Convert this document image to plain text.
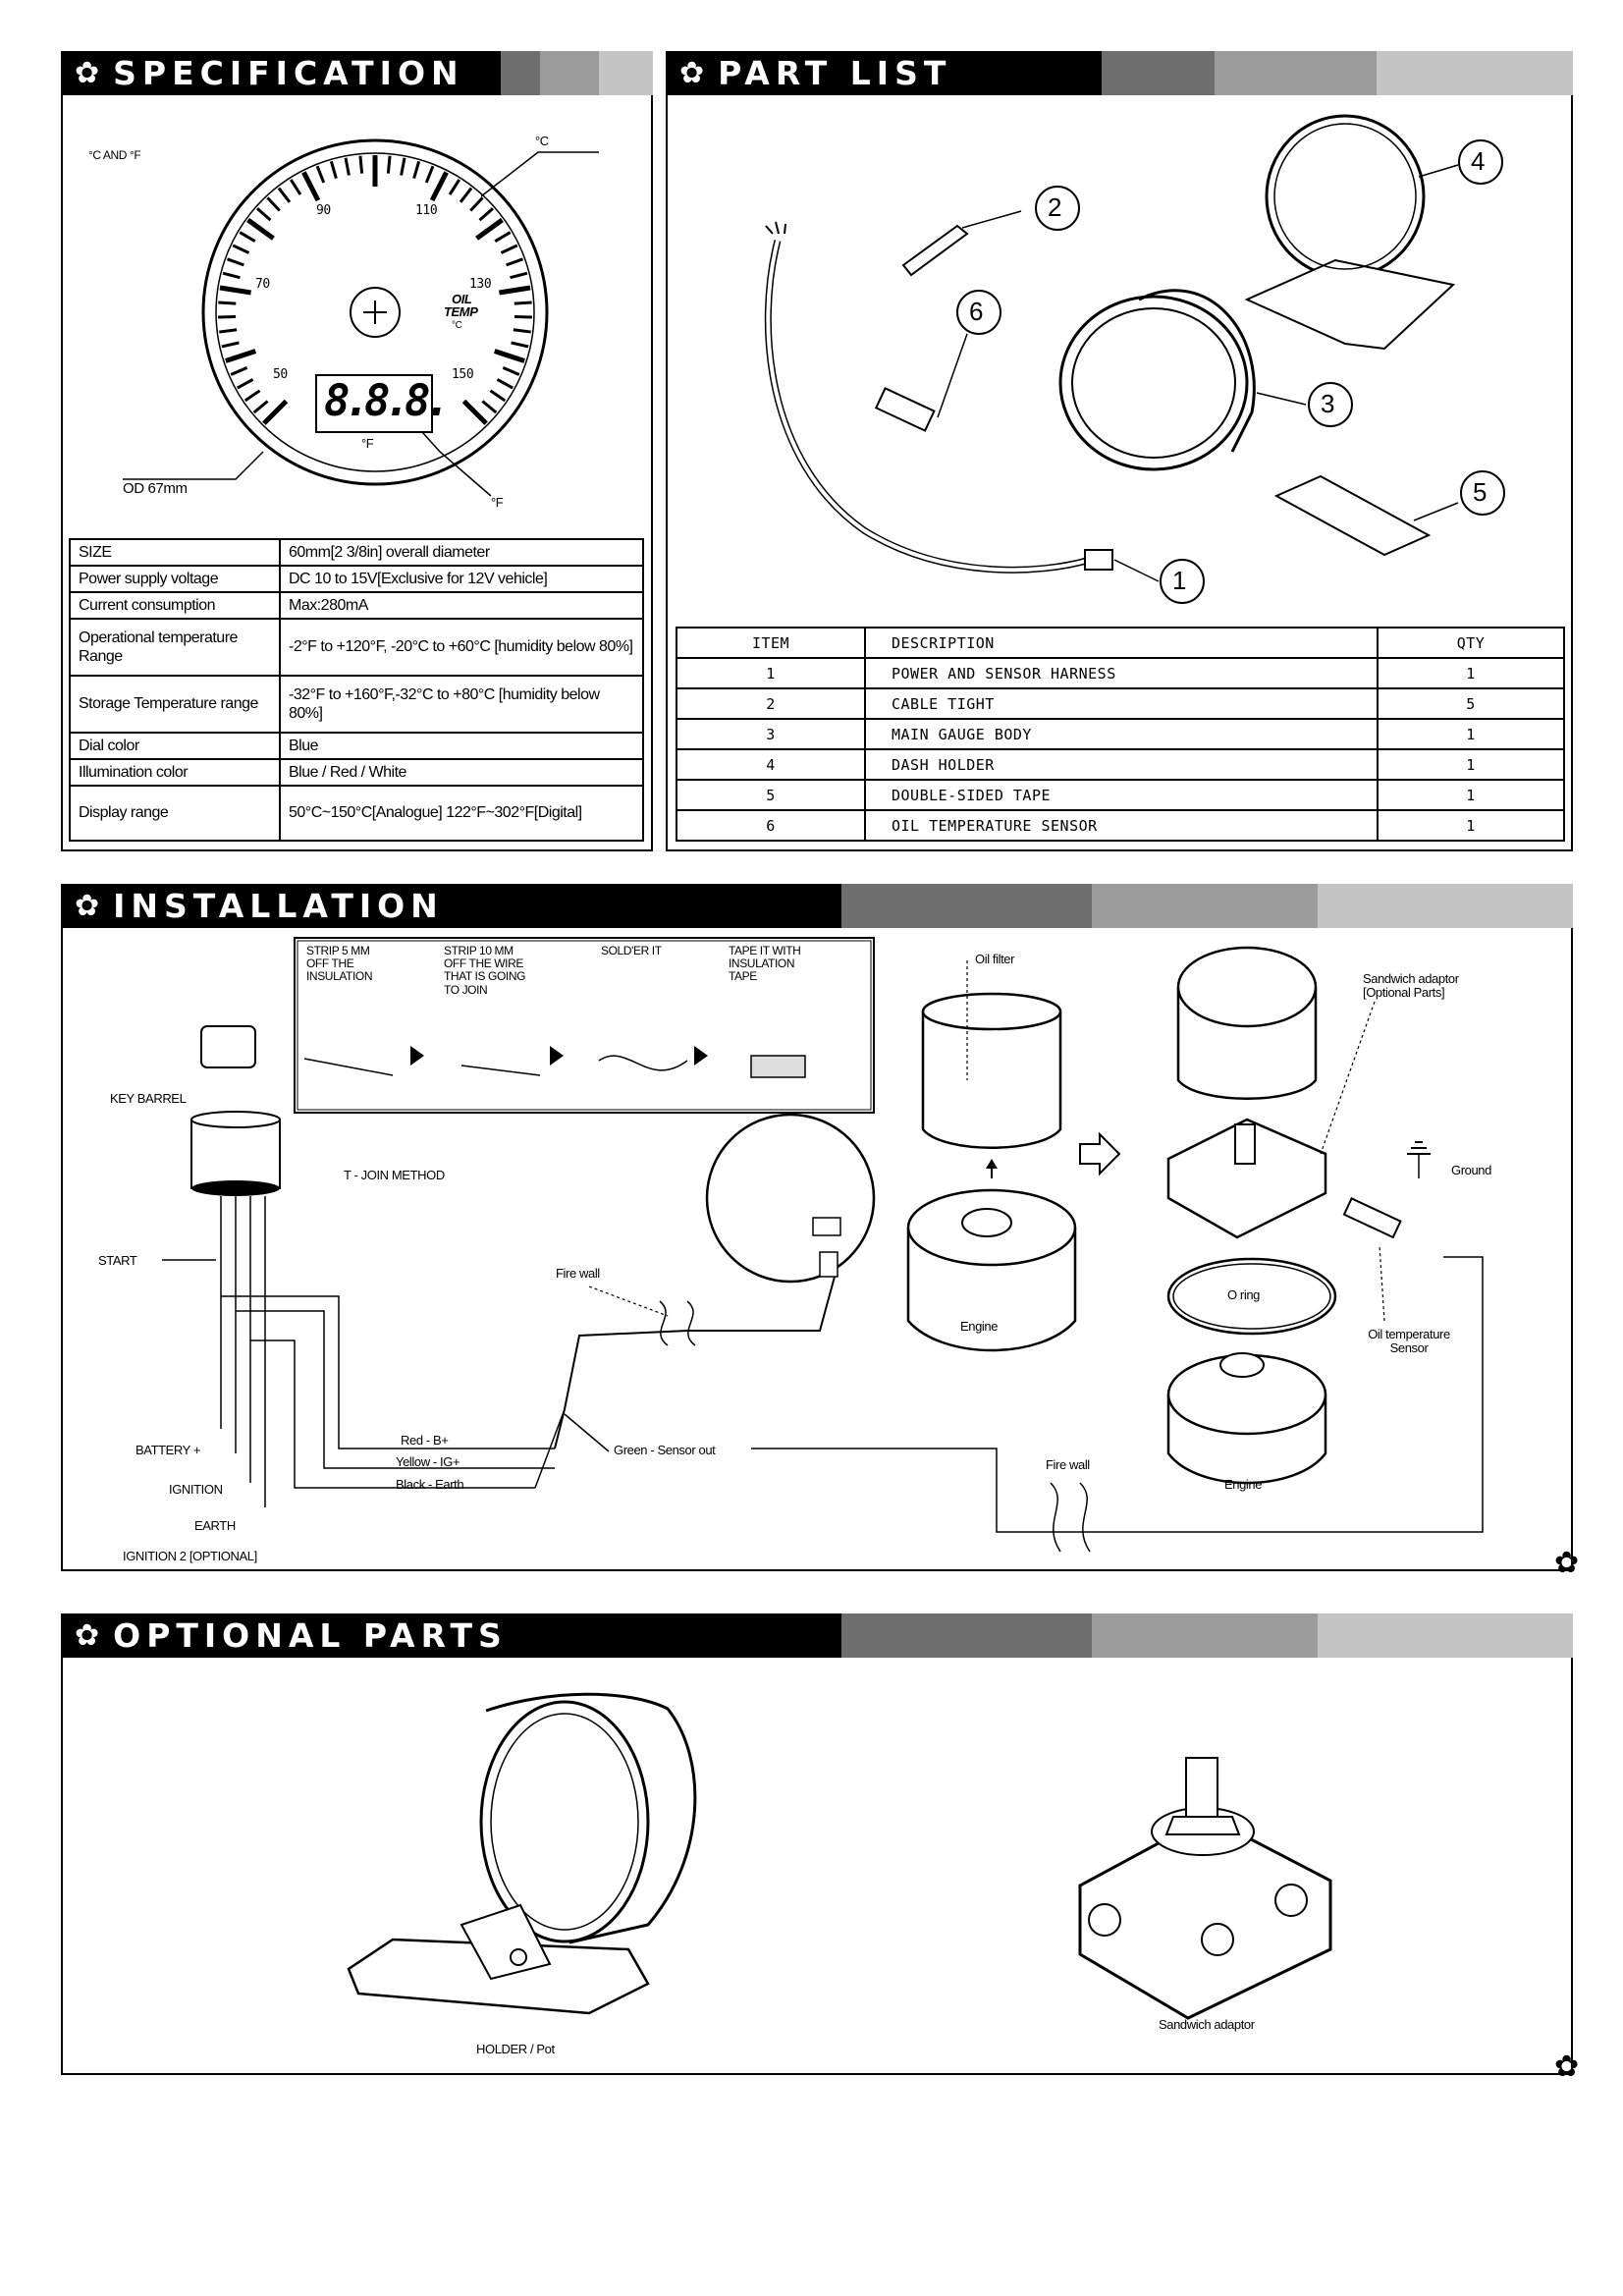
✿ SPECIFICATION
°C AND °F
°C
OD 67mm
°F
50
70
90	110
130
150
OIL
TEMP
°C
8.8.8.
°F
SIZE	60mm[2 3/8in] overall diameter
Power supply voltage	DC 10 to 15V[Exclusive for 12V vehicle]
Current consumption	Max:280mA
Operational temperature Range	-2°F to +120°F, -20°C to +60°C [humidity below 80%]
Storage Temperature range	-32°F to +160°F,-32°C to +80°C [humidity below 80%]
Dial color	Blue
Illumination color	Blue / Red / White
Display range	50°C~150°C[Analogue] 122°F~302°F[Digital]
✿ PART LIST
1
2
3
4
5
6
ITEM	DESCRIPTION	QTY
1	POWER AND SENSOR HARNESS	1
2	CABLE TIGHT	5
3	MAIN GAUGE BODY	1
4	DASH HOLDER	1
5	DOUBLE-SIDED TAPE	1
6	OIL TEMPERATURE SENSOR	1
✿ INSTALLATION
STRIP 5 MM OFF THE INSULATION
STRIP 10 MM OFF THE WIRE THAT IS GOING TO JOIN
SOLD'ER IT	TAPE IT WITH INSULATION TAPE
KEY BARREL
T - JOIN METHOD
START
BATTERY +
IGNITION
EARTH
IGNITION 2 [OPTIONAL]
Red - B+
Yellow - IG+
Black - Earth
Green - Sensor out
Fire wall
Fire wall
Oil filter
Engine
Engine
Sandwich adaptor [Optional Parts]
Ground
O ring
Oil temperature Sensor
✿
✿ OPTIONAL PARTS
HOLDER / Pot
Sandwich adaptor
✿
